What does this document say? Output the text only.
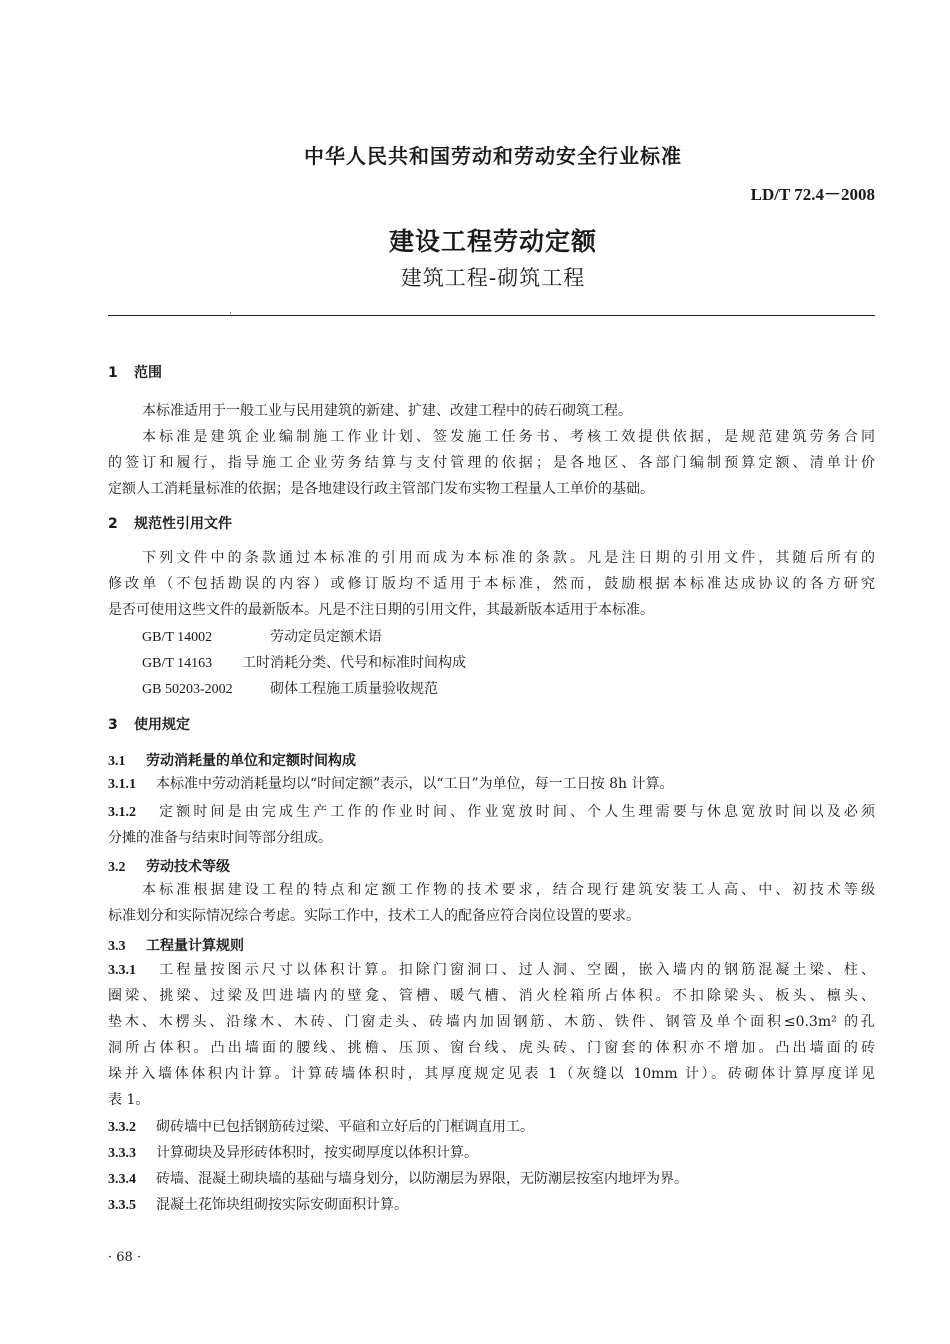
中华人民共和国劳动和劳动安全行业标准
LD/T 72.4－2008
建设工程劳动定额
建筑工程-砌筑工程
·
1 范围
本标准适用于一般工业与民用建筑的新建、扩建、改建工程中的砖石砌筑工程。
本标准是建筑企业编制施工作业计划、签发施工任务书、考核工效提供依据，是规范建筑劳务合同
的签订和履行，指导施工企业劳务结算与支付管理的依据；是各地区、各部门编制预算定额、清单计价
定额人工消耗量标准的依据；是各地建设行政主管部门发布实物工程量人工单价的基础。
2 规范性引用文件
下列文件中的条款通过本标准的引用而成为本标准的条款。凡是注日期的引用文件，其随后所有的
修改单（不包括勘误的内容）或修订版均不适用于本标准，然而，鼓励根据本标准达成协议的各方研究
是否可使用这些文件的最新版本。凡是不注日期的引用文件，其最新版本适用于本标准。
GB/T 14002	劳动定员定额术语
GB/T 14163 工时消耗分类、代号和标准时间构成
GB 50203-2002	砌体工程施工质量验收规范
3 使用规定
3.1 劳动消耗量的单位和定额时间构成
3.1.1 本标准中劳动消耗量均以“时间定额”表示，以“工日”为单位，每一工日按 8h 计算。
3.1.2 定额时间是由完成生产工作的作业时间、作业宽放时间、个人生理需要与休息宽放时间以及必须
分摊的准备与结束时间等部分组成。
3.2 劳动技术等级
本标准根据建设工程的特点和定额工作物的技术要求，结合现行建筑安装工人高、中、初技术等级
标准划分和实际情况综合考虑。实际工作中，技术工人的配备应符合岗位设置的要求。
3.3 工程量计算规则
3.3.1 工程量按图示尺寸以体积计算。扣除门窗洞口、过人洞、空圈，嵌入墙内的钢筋混凝土梁、柱、
圈梁、挑梁、过梁及凹进墙内的壁龛、管槽、暖气槽、消火栓箱所占体积。不扣除梁头、板头、檩头、
垫木、木楞头、沿缘木、木砖、门窗走头、砖墙内加固钢筋、木筋、铁件、钢管及单个面积≤0.3m² 的孔
洞所占体积。凸出墙面的腰线、挑檐、压顶、窗台线、虎头砖、门窗套的体积亦不增加。凸出墙面的砖
垛并入墙体体积内计算。计算砖墙体积时，其厚度规定见表 1（灰缝以 10mm 计）。砖砌体计算厚度详见
表 1。
3.3.2 砌砖墙中已包括钢筋砖过梁、平碹和立好后的门框调直用工。
3.3.3 计算砌块及异形砖体积时，按实砌厚度以体积计算。
3.3.4 砖墙、混凝土砌块墙的基础与墙身划分，以防潮层为界限，无防潮层按室内地坪为界。
3.3.5 混凝土花饰块组砌按实际安砌面积计算。
· 68 ·
